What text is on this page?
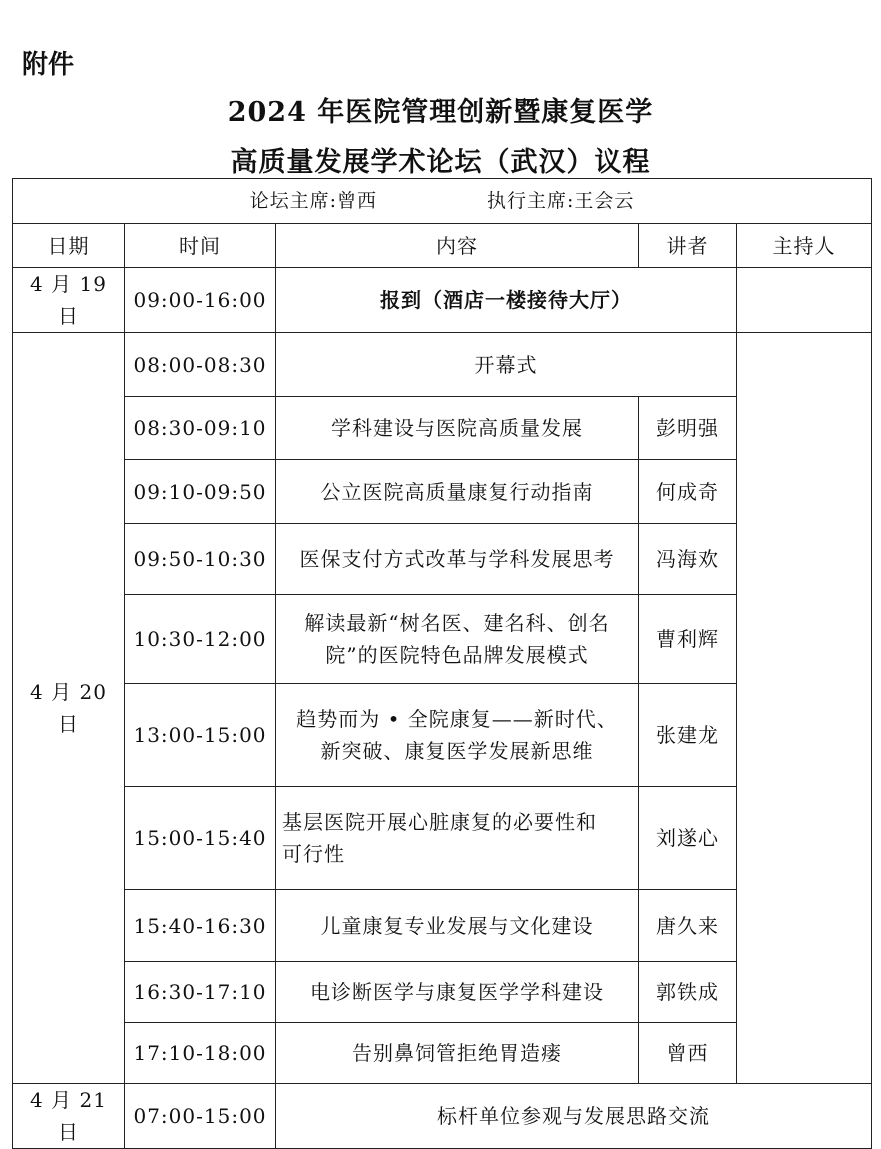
附件
2024 年医院管理创新暨康复医学
高质量发展学术论坛（武汉）议程
论坛主席:曾西 执行主席:王会云				
日期	时间	内容	讲者	主持人
4 月 19 日	09:00-16:00	报到（酒店一楼接待大厅）		
4 月 20 日	08:00-08:30	开幕式		
	08:30-09:10	学科建设与医院高质量发展	彭明强	
	09:10-09:50	公立医院高质量康复行动指南	何成奇	
	09:50-10:30	医保支付方式改革与学科发展思考	冯海欢	
	10:30-12:00	解读最新“树名医、建名科、创名
院”的医院特色品牌发展模式	曹利辉	
	13:00-15:00	趋势而为 • 全院康复——新时代、
新突破、康复医学发展新思维	张建龙	
	15:00-15:40	基层医院开展心脏康复的必要性和
可行性	刘遂心	
	15:40-16:30	儿童康复专业发展与文化建设	唐久来	
	16:30-17:10	电诊断医学与康复医学学科建设	郭铁成	
	17:10-18:00	告别鼻饲管拒绝胃造瘘	曾西	
4 月 21 日	07:00-15:00	标杆单位参观与发展思路交流		
